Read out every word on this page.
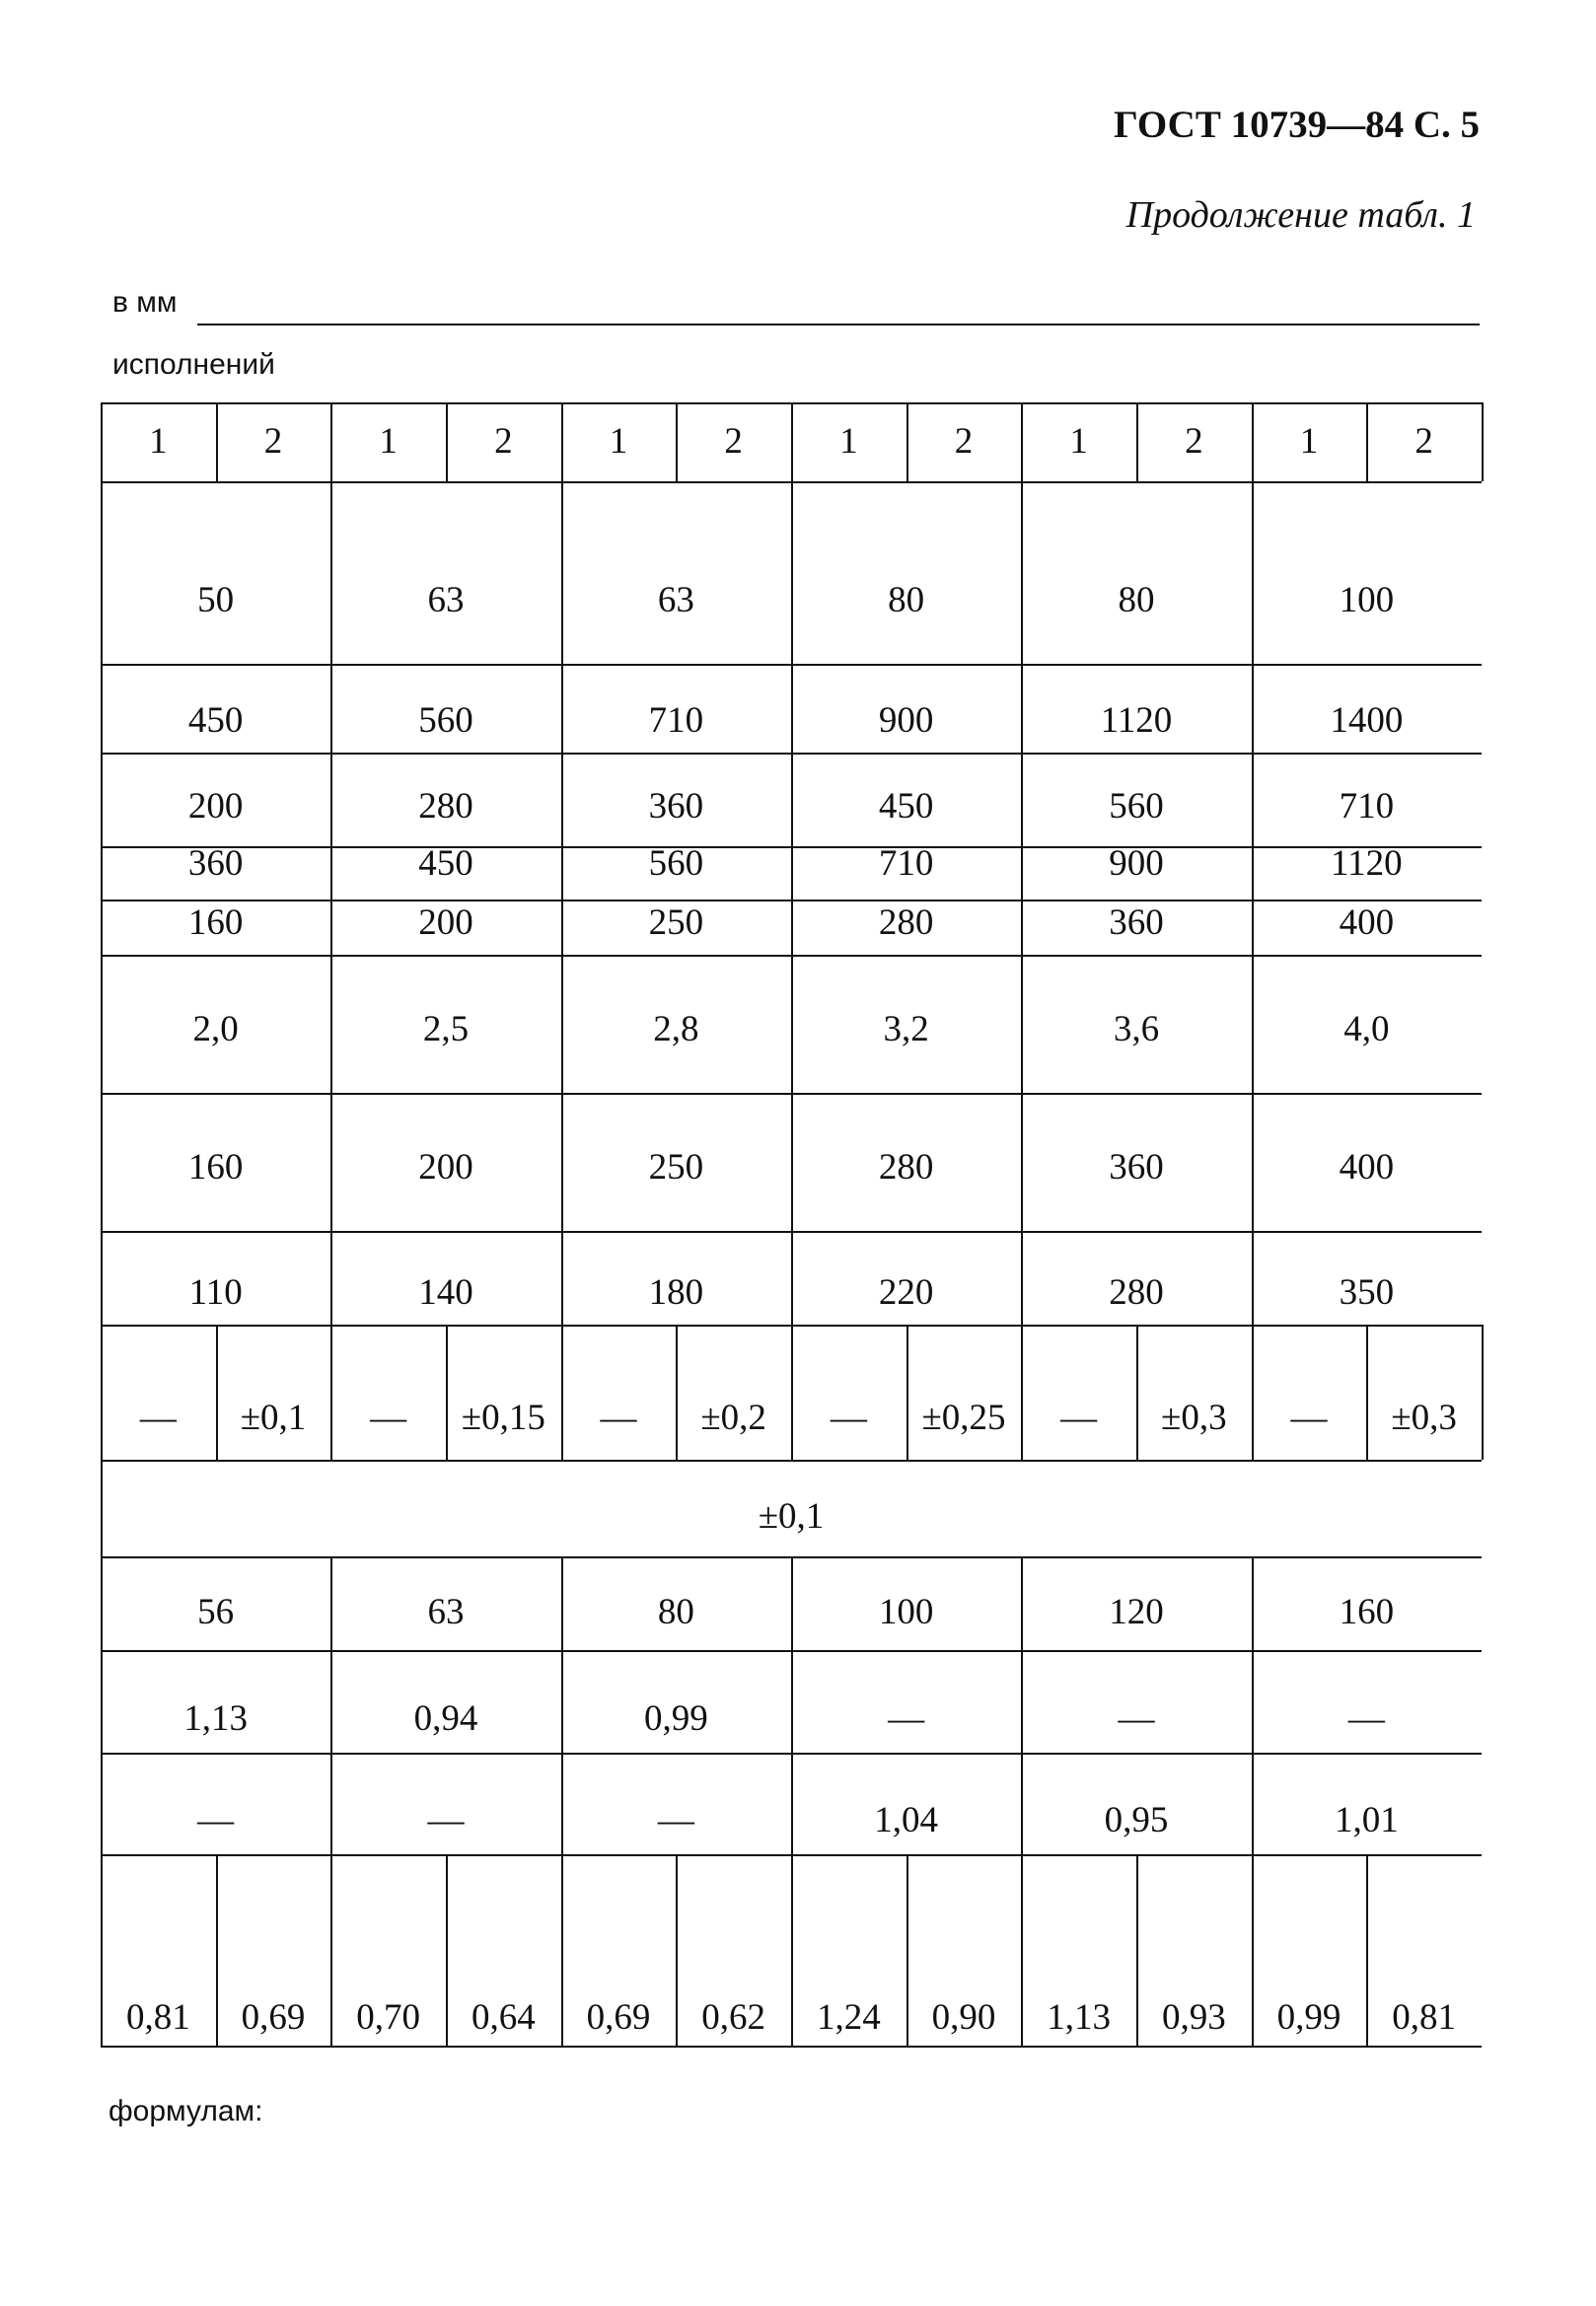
ГОСТ 10739—84 С. 5
Продолжение табл. 1
в мм
исполнений
1	2	1	2	1	2	1	2	1	2	1	2
50	63	63	80	80	100
450	560	710	900	1120	1400
200	280	360	450	560	710
360	450	560	710	900	1120
160	200	250	280	360	400
2,0	2,5	2,8	3,2	3,6	4,0
160	200	250	280	360	400
110	140	180	220	280	350
—	±0,1	—	±0,15	—	±0,2	—	±0,25	—	±0,3	—	±0,3
±0,1
56	63	80	100	120	160
1,13	0,94	0,99	—	—	—
—	—	—	1,04	0,95	1,01
0,81	0,69	0,70	0,64	0,69	0,62	1,24	0,90	1,13	0,93	0,99	0,81
формулам:
